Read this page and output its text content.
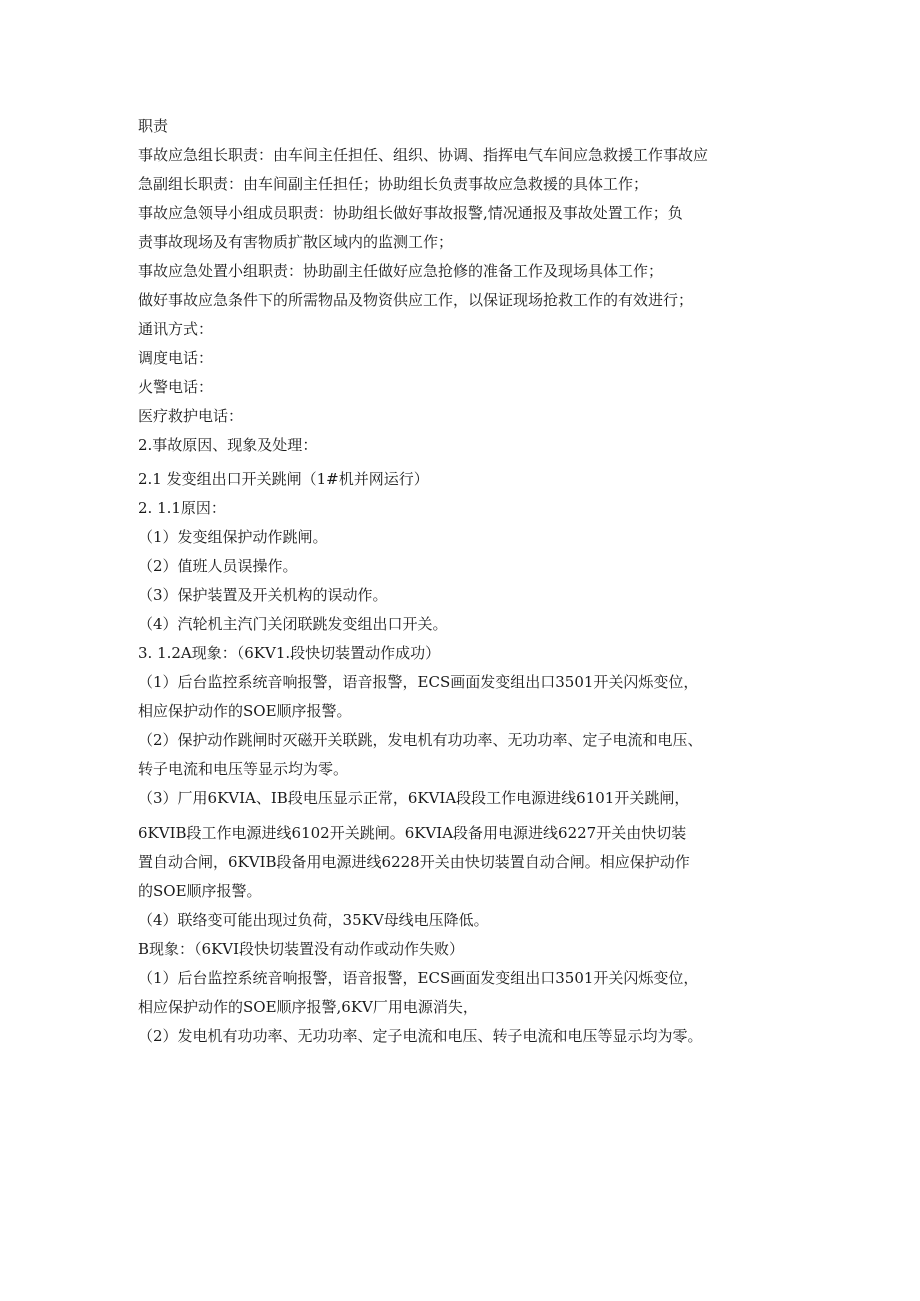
职责

事故应急组长职责：由车间主任担任、组织、协调、指挥电气车间应急救援工作事故应

急副组长职责：由车间副主任担任；协助组长负责事故应急救援的具体工作；

事故应急领导小组成员职责：协助组长做好事故报警,情况通报及事故处置工作；负

责事故现场及有害物质扩散区域内的监测工作；

事故应急处置小组职责：协助副主任做好应急抢修的准备工作及现场具体工作；

做好事故应急条件下的所需物品及物资供应工作，以保证现场抢救工作的有效进行；

通讯方式：

调度电话：

火警电话：

医疗救护电话：

2.事故原因、现象及处理：

2.1 发变组出口开关跳闸（1#机并网运行）

2. 1.1原因：

（1）发变组保护动作跳闸。

（2）值班人员误操作。

（3）保护装置及开关机构的误动作。

（4）汽轮机主汽门关闭联跳发变组出口开关。

3. 1.2A现象：（6KV1.段快切装置动作成功）

（1）后台监控系统音响报警，语音报警，ECS画面发变组出口3501开关闪烁变位，

相应保护动作的SOE顺序报警。

（2）保护动作跳闸时灭磁开关联跳，发电机有功功率、无功功率、定子电流和电压、

转子电流和电压等显示均为零。

（3）厂用6KVIA、IB段电压显示正常，6KVIA段段工作电源进线6101开关跳闸，

6KVIB段工作电源进线6102开关跳闸。6KVIA段备用电源进线6227开关由快切装

置自动合闸，6KVIB段备用电源进线6228开关由快切装置自动合闸。相应保护动作

的SOE顺序报警。

（4）联络变可能出现过负荷，35KV母线电压降低。

B现象：（6KVI段快切装置没有动作或动作失败）

（1）后台监控系统音响报警，语音报警，ECS画面发变组出口3501开关闪烁变位，

相应保护动作的SOE顺序报警,6KV厂用电源消失，

（2）发电机有功功率、无功功率、定子电流和电压、转子电流和电压等显示均为零。
